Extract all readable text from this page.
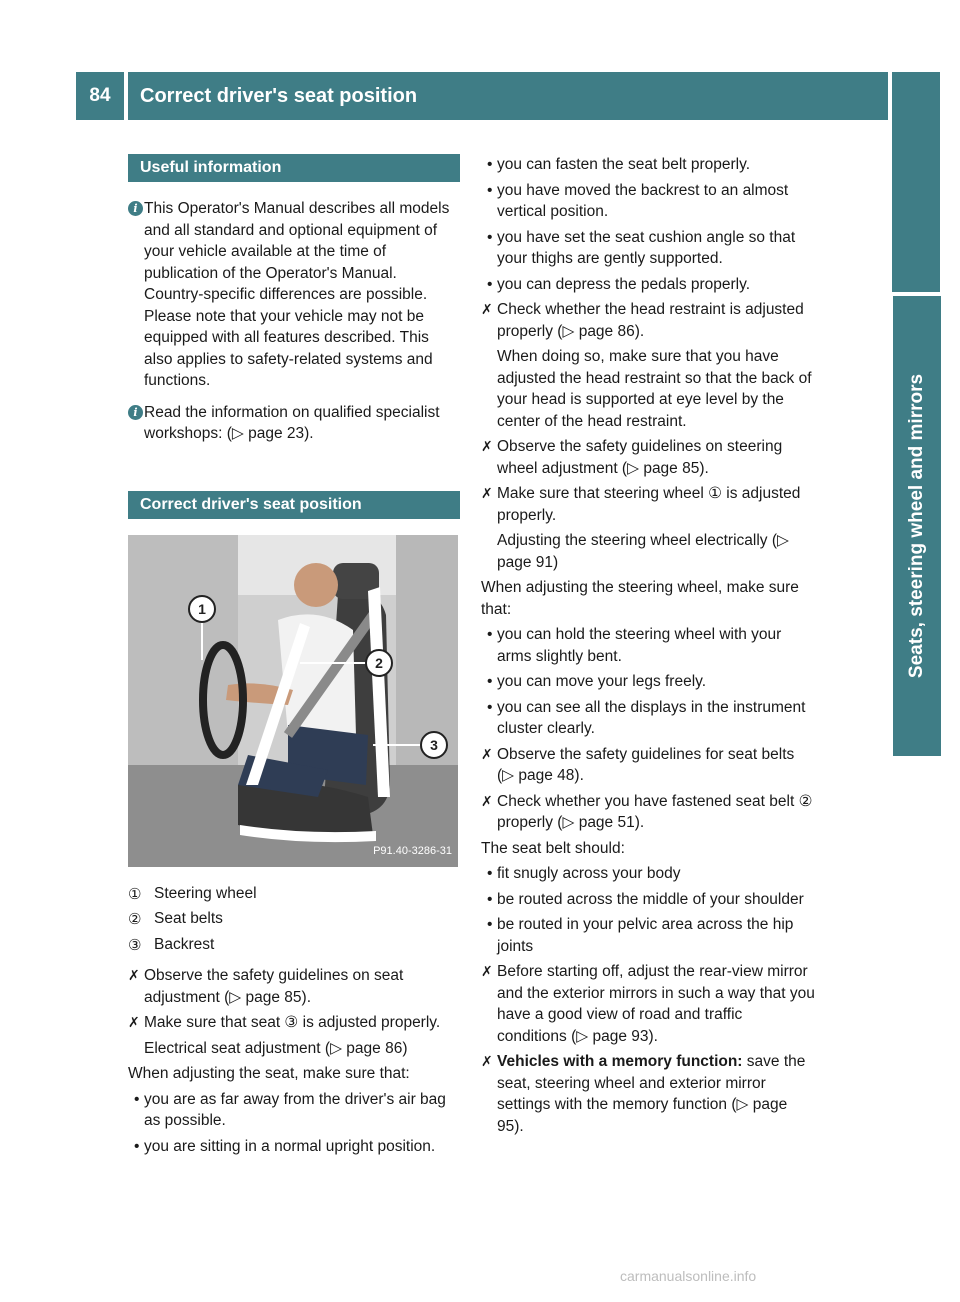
84	Correct driver's seat position
Seats, steering wheel and mirrors
Useful information
i This Operator's Manual describes all models and all standard and optional equipment of your vehicle available at the time of publication of the Operator's Manual. Country-specific differences are possible. Please note that your vehicle may not be equipped with all features described. This also applies to safety-related systems and functions.
i Read the information on qualified specialist workshops: (▷ page 23).
Correct driver's seat position
1
2
3
P91.40-3286-31
① Steering wheel
② Seat belts
③ Backrest
✗ Observe the safety guidelines on seat adjustment (▷ page 85).
✗ Make sure that seat ③ is adjusted properly.
Electrical seat adjustment (▷ page 86)
When adjusting the seat, make sure that:
• you are as far away from the driver's air bag as possible.
• you are sitting in a normal upright position.
• you can fasten the seat belt properly.
• you have moved the backrest to an almost vertical position.
• you have set the seat cushion angle so that your thighs are gently supported.
• you can depress the pedals properly.
✗ Check whether the head restraint is adjusted properly (▷ page 86).
When doing so, make sure that you have adjusted the head restraint so that the back of your head is supported at eye level by the center of the head restraint.
✗ Observe the safety guidelines on steering wheel adjustment (▷ page 85).
✗ Make sure that steering wheel ① is adjusted properly.
Adjusting the steering wheel electrically (▷ page 91)
When adjusting the steering wheel, make sure that:
• you can hold the steering wheel with your arms slightly bent.
• you can move your legs freely.
• you can see all the displays in the instrument cluster clearly.
✗ Observe the safety guidelines for seat belts (▷ page 48).
✗ Check whether you have fastened seat belt ② properly (▷ page 51).
The seat belt should:
• fit snugly across your body
• be routed across the middle of your shoulder
• be routed in your pelvic area across the hip joints
✗ Before starting off, adjust the rear-view mirror and the exterior mirrors in such a way that you have a good view of road and traffic conditions (▷ page 93).
✗ Vehicles with a memory function: save the seat, steering wheel and exterior mirror settings with the memory function (▷ page 95).
carmanualsonline.info
